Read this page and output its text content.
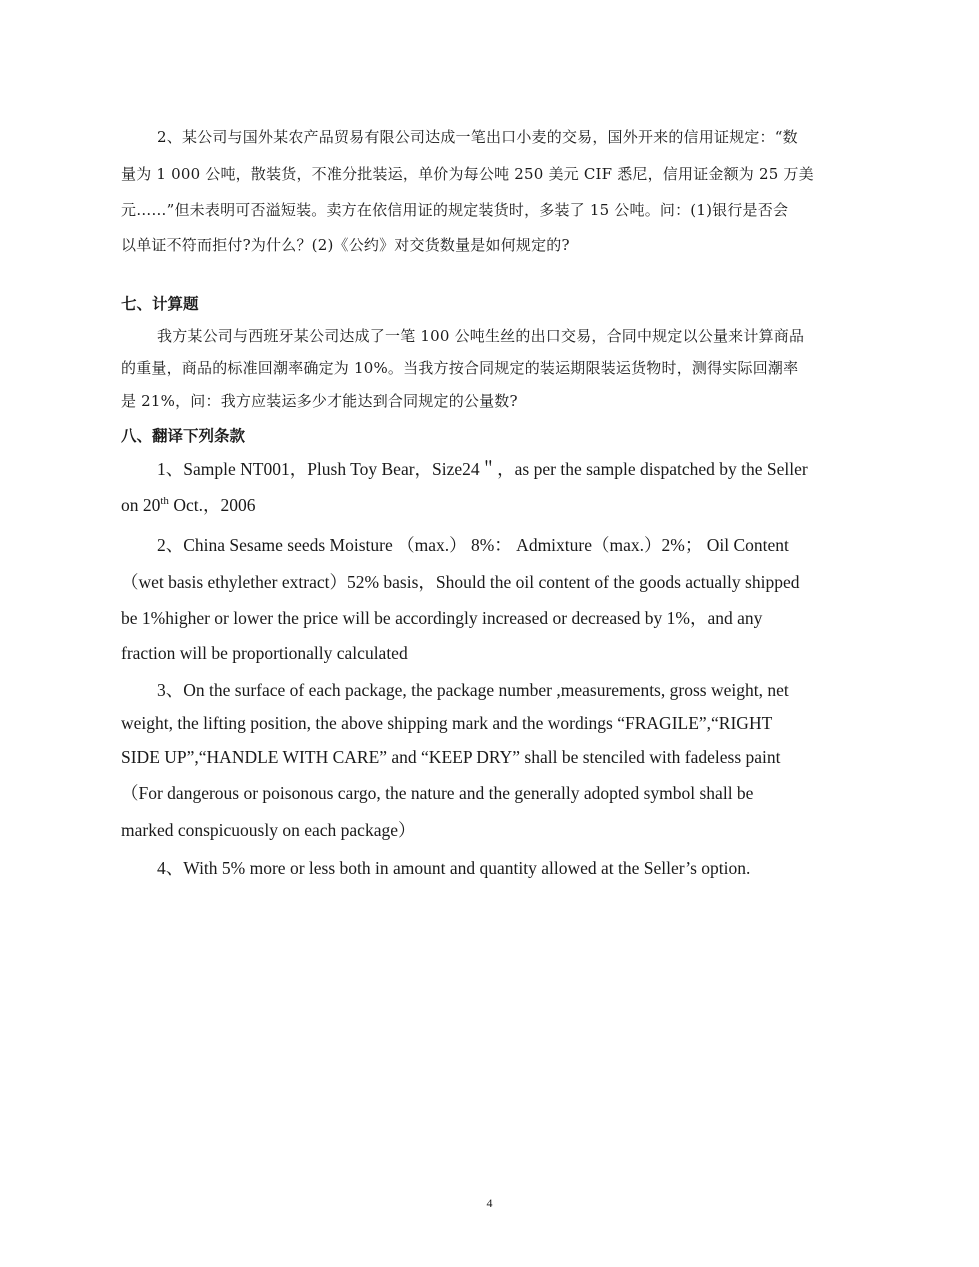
2、某公司与国外某农产品贸易有限公司达成一笔出口小麦的交易，国外开来的信用证规定：“数
量为 1 000 公吨，散装货，不准分批装运，单价为每公吨 250 美元 CIF 悉尼，信用证金额为 25 万美
元……”但未表明可否溢短装。卖方在依信用证的规定装货时，多装了 15 公吨。问：(1)银行是否会
以单证不符而拒付?为什么？(2)《公约》对交货数量是如何规定的?
七、计算题
我方某公司与西班牙某公司达成了一笔 100 公吨生丝的出口交易，合同中规定以公量来计算商品
的重量，商品的标准回潮率确定为 10%。当我方按合同规定的装运期限装运货物时，测得实际回潮率
是 21%，问：我方应装运多少才能达到合同规定的公量数?
八、翻译下列条款
1、Sample NT001，Plush Toy Bear，Size24＂，as per the sample dispatched by the Seller
on 20th Oct.，2006
2、China Sesame seeds Moisture （max.） 8%： Admixture（max.）2%； Oil Content
（wet basis ethylether extract）52% basis，Should the oil content of the goods actually shipped
be 1%higher or lower the price will be accordingly increased or decreased by 1%，and any
fraction will be proportionally calculated
3、On the surface of each package, the package number ,measurements, gross weight, net
weight, the lifting position, the above shipping mark and the wordings “FRAGILE”,“RIGHT
SIDE UP”,“HANDLE WITH CARE” and “KEEP DRY” shall be stenciled with fadeless paint
（For dangerous or poisonous cargo, the nature and the generally adopted symbol shall be
marked conspicuously on each package）
4、With 5% more or less both in amount and quantity allowed at the Seller’s option.
4
